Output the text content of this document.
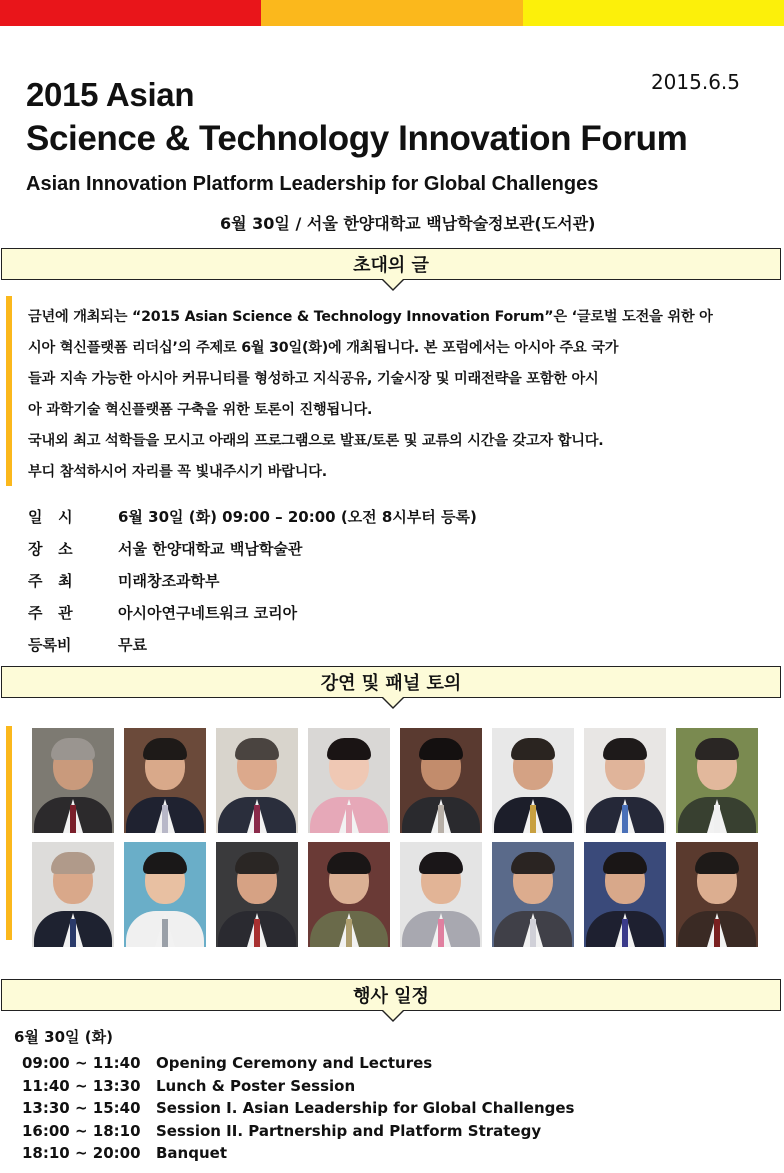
2015.6.5
2015 Asian
Science & Technology Innovation Forum
Asian Innovation Platform Leadership for Global Challenges
6월 30일 / 서울 한양대학교 백남학술정보관(도서관)
초대의 글

금년에 개최되는 “2015 Asian Science & Technology Innovation Forum”은 ‘글로벌 도전을 위한 아

시아 혁신플랫폼 리더십’의 주제로 6월 30일(화)에 개최됩니다. 본 포럼에서는 아시아 주요 국가

들과 지속 가능한 아시아 커뮤니티를 형성하고 지식공유, 기술시장 및 미래전략을 포함한 아시

아 과학기술 혁신플랫폼 구축을 위한 토론이 진행됩니다.

국내외 최고 석학들을 모시고 아래의 프로그램으로 발표/토론 및 교류의 시간을 갖고자 합니다.

부디 참석하시어 자리를 꼭 빛내주시기 바랍니다.

일   시	6월 30일 (화) 09:00 – 20:00 (오전 8시부터 등록)
장   소	서울 한양대학교 백남학술관
주   최	미래창조과학부
주   관	아시아연구네트워크 코리아
등록비	무료
강연 및 패널 토의
행사 일정
6월 30일 (화)
09:00 ~ 11:40	Opening Ceremony and Lectures
11:40 ~ 13:30	Lunch & Poster Session
13:30 ~ 15:40	Session I. Asian Leadership for Global Challenges
16:00 ~ 18:10	Session II. Partnership and Platform Strategy
18:10 ~ 20:00	Banquet
